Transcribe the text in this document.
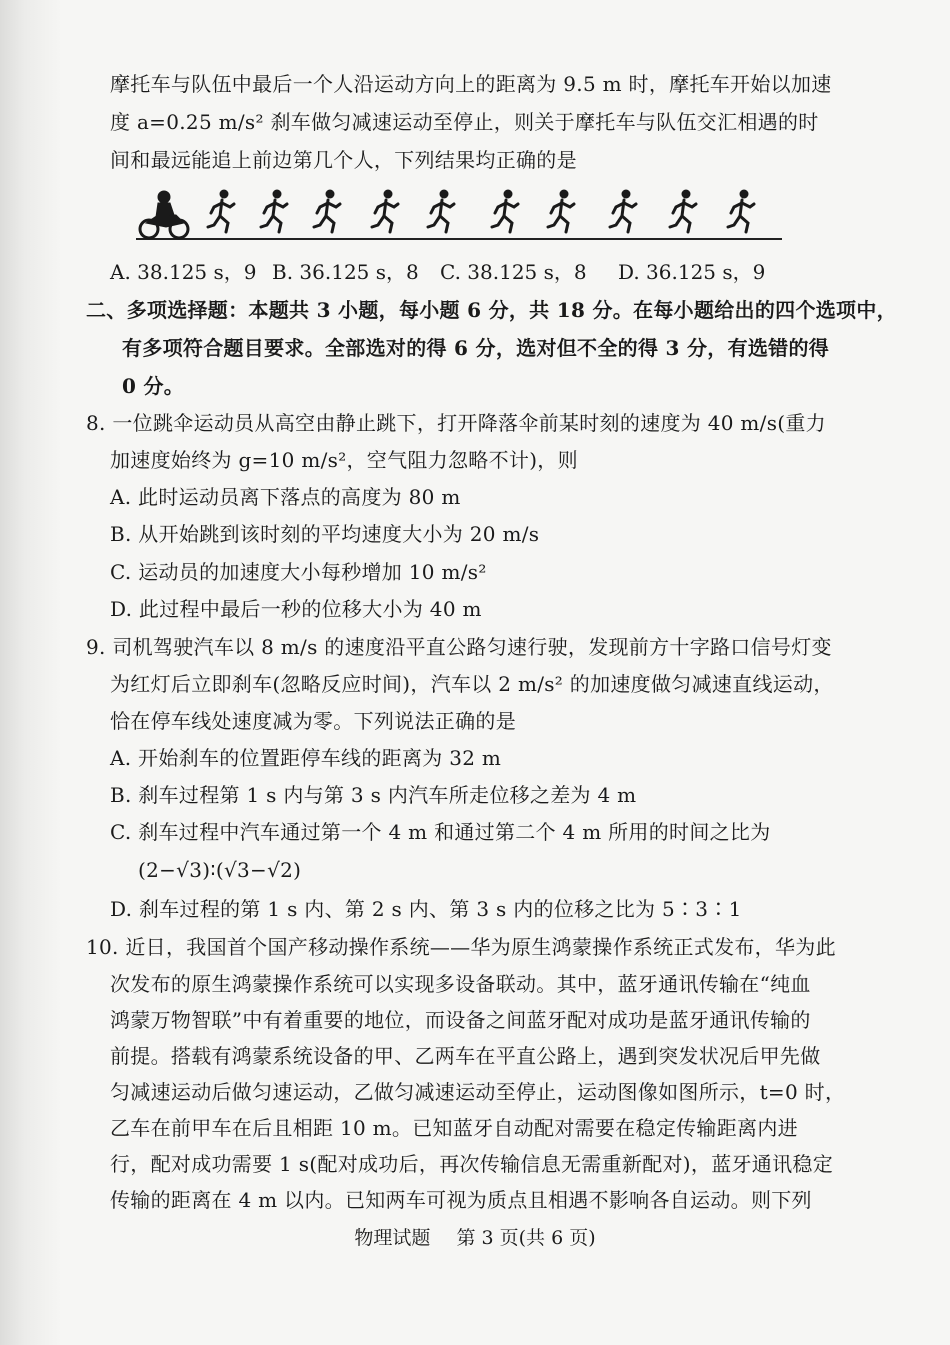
摩托车与队伍中最后一个人沿运动方向上的距离为 9.5 m 时，摩托车开始以加速
度 a=0.25 m/s² 刹车做匀减速运动至停止，则关于摩托车与队伍交汇相遇的时
间和最远能追上前边第几个人，下列结果均正确的是
A. 38.125 s，9 B. 36.125 s，8 C. 38.125 s，8 D. 36.125 s，9
二、多项选择题：本题共 3 小题，每小题 6 分，共 18 分。在每小题给出的四个选项中，
有多项符合题目要求。全部选对的得 6 分，选对但不全的得 3 分，有选错的得
0 分。
8. 一位跳伞运动员从高空由静止跳下，打开降落伞前某时刻的速度为 40 m/s(重力
加速度始终为 g=10 m/s²，空气阻力忽略不计)，则
A. 此时运动员离下落点的高度为 80 m
B. 从开始跳到该时刻的平均速度大小为 20 m/s
C. 运动员的加速度大小每秒增加 10 m/s²
D. 此过程中最后一秒的位移大小为 40 m
9. 司机驾驶汽车以 8 m/s 的速度沿平直公路匀速行驶，发现前方十字路口信号灯变
为红灯后立即刹车(忽略反应时间)，汽车以 2 m/s² 的加速度做匀减速直线运动，
恰在停车线处速度减为零。下列说法正确的是
A. 开始刹车的位置距停车线的距离为 32 m
B. 刹车过程第 1 s 内与第 3 s 内汽车所走位移之差为 4 m
C. 刹车过程中汽车通过第一个 4 m 和通过第二个 4 m 所用的时间之比为
(2−√3)∶(√3−√2)
D. 刹车过程的第 1 s 内、第 2 s 内、第 3 s 内的位移之比为 5∶3∶1
10. 近日，我国首个国产移动操作系统——华为原生鸿蒙操作系统正式发布，华为此
次发布的原生鸿蒙操作系统可以实现多设备联动。其中，蓝牙通讯传输在“纯血
鸿蒙万物智联”中有着重要的地位，而设备之间蓝牙配对成功是蓝牙通讯传输的
前提。搭载有鸿蒙系统设备的甲、乙两车在平直公路上，遇到突发状况后甲先做
匀减速运动后做匀速运动，乙做匀减速运动至停止，运动图像如图所示，t=0 时，
乙车在前甲车在后且相距 10 m。已知蓝牙自动配对需要在稳定传输距离内进
行，配对成功需要 1 s(配对成功后，再次传输信息无需重新配对)，蓝牙通讯稳定
传输的距离在 4 m 以内。已知两车可视为质点且相遇不影响各自运动。则下列
物理试题 第 3 页(共 6 页)
